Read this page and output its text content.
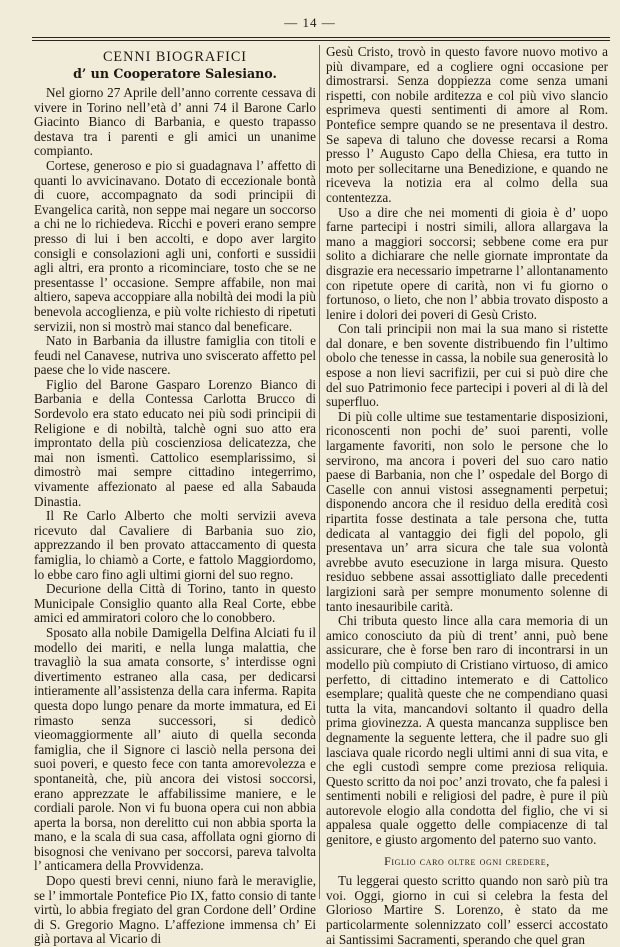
— 14 —
CENNI BIOGRAFICI
d’ un Cooperatore Salesiano.

Nel giorno 27 Aprile dell’anno corrente cessava di vivere in Torino nell’età d’ anni 74 il Barone Carlo Giacinto Bianco di Barbania, e questo trapasso destava tra i parenti e gli amici un unanime compianto.

Cortese, generoso e pio si guadagnava l’ affetto di quanti lo avvicinavano. Dotato di eccezionale bontà di cuore, accompagnato da sodi principii di Evangelica carità, non seppe mai negare un soccorso a chi ne lo richiedeva. Ricchi e poveri erano sempre presso di lui i ben accolti, e dopo aver largito consigli e consolazioni agli uni, conforti e sussidii agli altri, era pronto a ricominciare, tosto che se ne presentasse l’ occasione. Sempre affabile, non mai altiero, sapeva accoppiare alla nobiltà dei modi la più benevola accoglienza, e più volte richiesto di ripetuti servizii, non si mostrò mai stanco dal beneficare.

Nato in Barbania da illustre famiglia con titoli e feudi nel Canavese, nutriva uno sviscerato affetto pel paese che lo vide nascere.

Figlio del Barone Gasparo Lorenzo Bianco di Barbania e della Contessa Carlotta Brucco di Sordevolo era stato educato nei più sodi principii di Religione e di nobiltà, talchè ogni suo atto era improntato della più coscienziosa delicatezza, che mai non ismentì. Cattolico esemplarissimo, si dimostrò mai sempre cittadino integerrimo, vivamente affezionato al paese ed alla Sabauda Dinastia.

Il Re Carlo Alberto che molti servizii aveva ricevuto dal Cavaliere di Barbania suo zio, apprezzando il ben provato attaccamento di questa famiglia, lo chiamò a Corte, e fattolo Maggiordomo, lo ebbe caro fino agli ultimi giorni del suo regno.

Decurione della Città di Torino, tanto in questo Municipale Consiglio quanto alla Real Corte, ebbe amici ed ammiratori coloro che lo conobbero.

Sposato alla nobile Damigella Delfina Alciati fu il modello dei mariti, e nella lunga malattia, che travagliò la sua amata consorte, s’ interdisse ogni divertimento estraneo alla casa, per dedicarsi intieramente all’assistenza della cara inferma. Rapita questa dopo lungo penare da morte immatura, ed Ei rimasto senza successori, si dedicò vieomaggiormente all’ aiuto di quella seconda famiglia, che il Signore ci lasciò nella persona dei suoi poveri, e questo fece con tanta amorevolezza e spontaneità, che, più ancora dei vistosi soccorsi, erano apprezzate le affabilissime maniere, e le cordiali parole. Non vi fu buona opera cui non abbia aperta la borsa, non derelitto cui non abbia sporta la mano, e la scala di sua casa, affollata ogni giorno di bisognosi che venivano per soccorsi, pareva talvolta l’ anticamera della Provvidenza.

Dopo questi brevi cenni, niuno farà le meraviglie, se l’ immortale Pontefice Pio IX, fatto consio di tante virtù, lo abbia fregiato del gran Cordone dell’ Ordine di S. Gregorio Magno. L’affezione immensa ch’ Ei già portava al Vicario di

Gesù Cristo, trovò in questo favore nuovo motivo a più divampare, ed a cogliere ogni occasione per dimostrarsi. Senza doppiezza come senza umani rispetti, con nobile arditezza e col più vivo slancio esprimeva questi sentimenti di amore al Rom. Pontefice sempre quando se ne presentava il destro. Se sapeva di taluno che dovesse recarsi a Roma presso l’ Augusto Capo della Chiesa, era tutto in moto per sollecitarne una Benedizione, e quando ne riceveva la notizia era al colmo della sua contentezza.

Uso a dire che nei momenti di gioia è d’ uopo farne partecipi i nostri simili, allora allargava la mano a maggiori soccorsi; sebbene come era pur solito a dichiarare che nelle giornate improntate da disgrazie era necessario impetrarne l’ allontanamento con ripetute opere di carità, non vi fu giorno o fortunoso, o lieto, che non l’ abbia trovato disposto a lenire i dolori dei poveri di Gesù Cristo.

Con tali principii non mai la sua mano si ristette dal donare, e ben sovente distribuendo fin l’ultimo obolo che tenesse in cassa, la nobile sua generosità lo espose a non lievi sacrifizii, per cui si può dire che del suo Patrimonio fece partecipi i poveri al di là del superfluo.

Di più colle ultime sue testamentarie disposizioni, riconoscenti non pochi de’ suoi parenti, volle largamente favoriti, non solo le persone che lo servirono, ma ancora i poveri del suo caro natio paese di Barbania, non che l’ ospedale del Borgo di Caselle con annui vistosi assegnamenti perpetui; disponendo ancora che il residuo della eredità così ripartita fosse destinata a tale persona che, tutta dedicata al vantaggio dei figli del popolo, gli presentava un’ arra sicura che tale sua volontà avrebbe avuto esecuzione in larga misura. Questo residuo sebbene assai assottigliato dalle precedenti largizioni sarà per sempre monumento solenne di tanto inesauribile carità.

Chi tributa questo lince alla cara memoria di un amico conosciuto da più di trent’ anni, può bene assicurare, che è forse ben raro di incontrarsi in un modello più compiuto di Cristiano virtuoso, di amico perfetto, di cittadino intemerato e di Cattolico esemplare; qualità queste che ne compendiano quasi tutta la vita, mancandovi soltanto il quadro della prima giovinezza. A questa mancanza supplisce ben degnamente la seguente lettera, che il padre suo gli lasciava quale ricordo negli ultimi anni di sua vita, e che egli custodì sempre come preziosa reliquia. Questo scritto da noi poc’ anzi trovato, che fa palesi i sentimenti nobili e religiosi del padre, è pure il più autorevole elogio alla condotta del figlio, che vi si appalesa quale oggetto delle compiacenze di tal genitore, e giusto argomento del paterno suo vanto.

Figlio caro oltre ogni credere,

Tu leggerai questo scritto quando non sarò più tra voi. Oggi, giorno in cui si celebra la festa del Glorioso Martire S. Lorenzo, è stato da me particolarmente solennizzato coll’ esserci accostato ai Santissimi Sacramenti, sperando che quel gran
